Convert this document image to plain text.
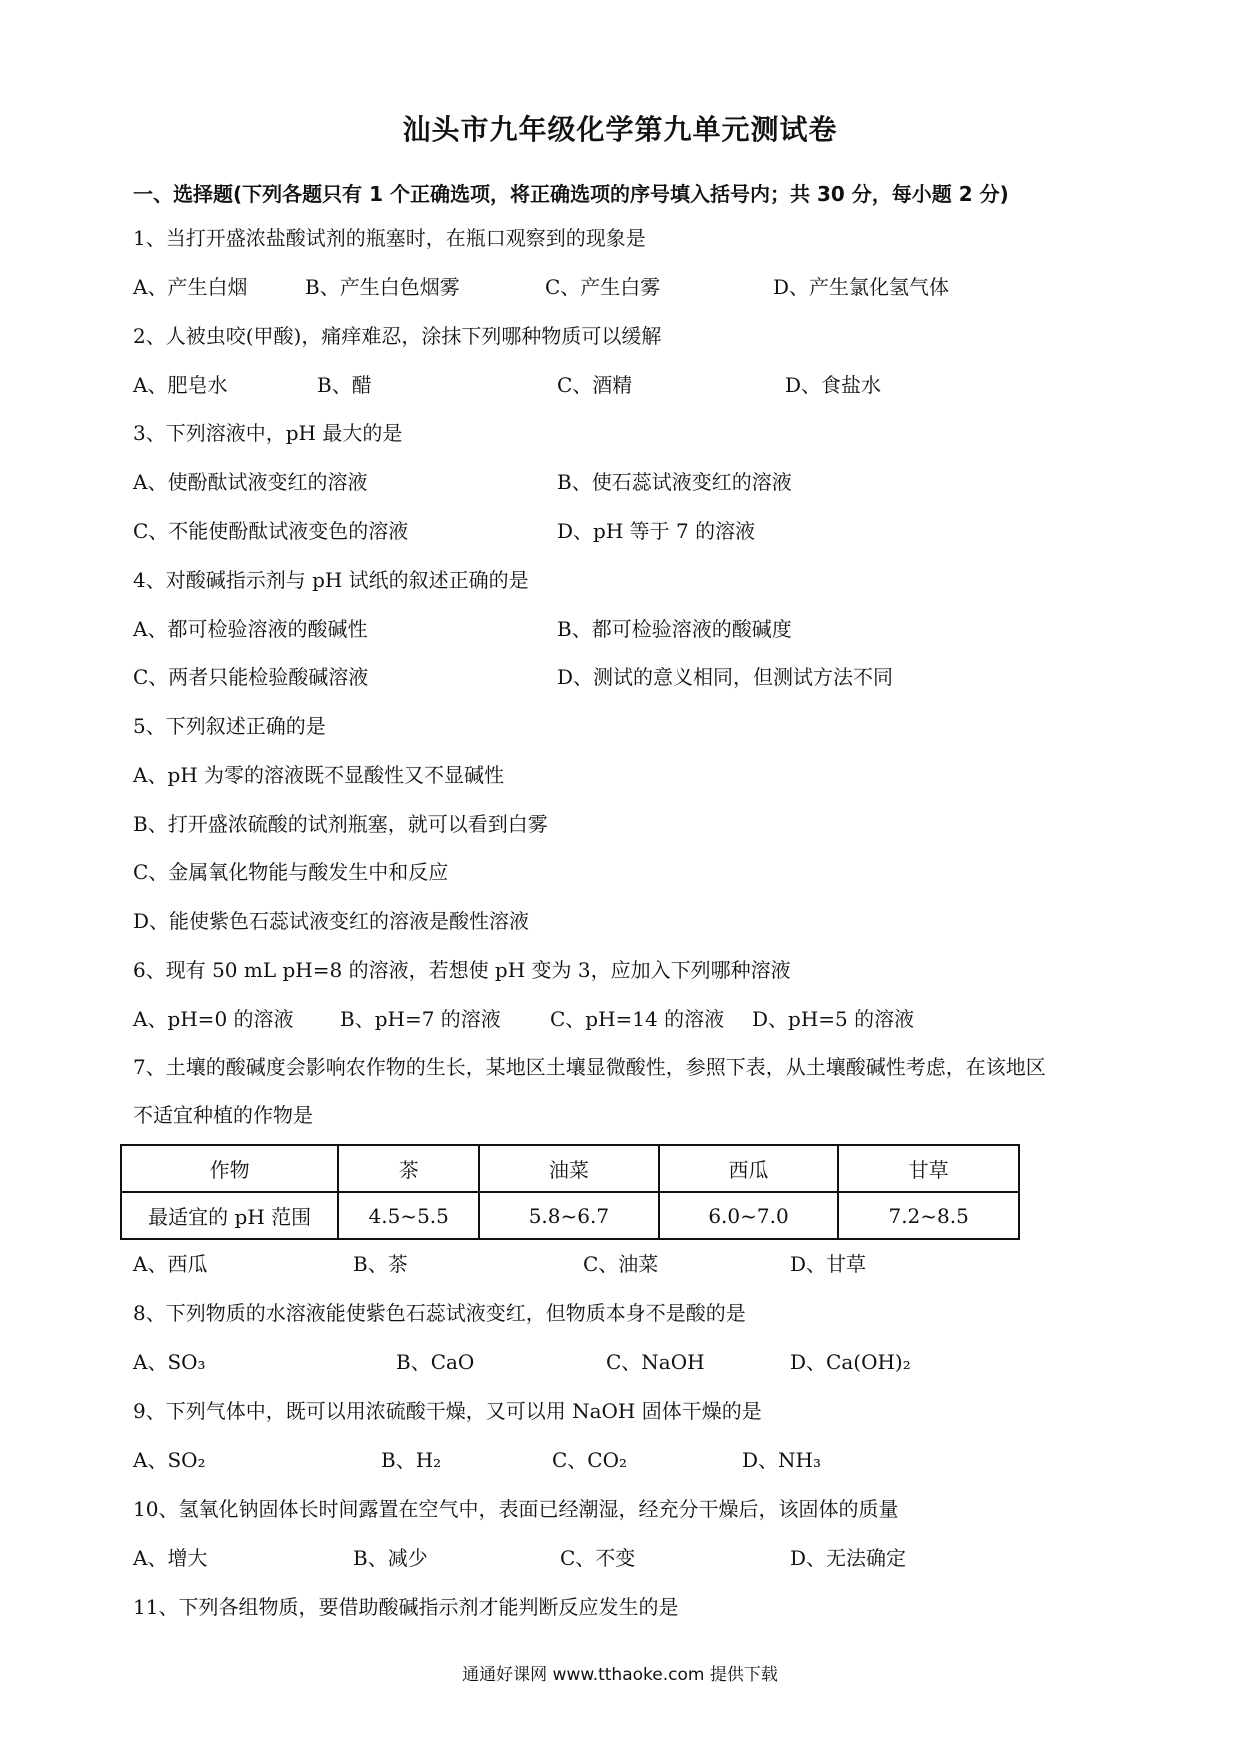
汕头市九年级化学第九单元测试卷
一、选择题(下列各题只有 1 个正确选项，将正确选项的序号填入括号内；共 30 分，每小题 2 分)
1、当打开盛浓盐酸试剂的瓶塞时，在瓶口观察到的现象是
A、产生白烟	B、产生白色烟雾	C、产生白雾	D、产生氯化氢气体
2、人被虫咬(甲酸)，痛痒难忍，涂抹下列哪种物质可以缓解
A、肥皂水	B、醋	C、酒精	D、食盐水
3、下列溶液中，pH 最大的是
A、使酚酞试液变红的溶液	B、使石蕊试液变红的溶液
C、不能使酚酞试液变色的溶液	D、pH 等于 7 的溶液
4、对酸碱指示剂与 pH 试纸的叙述正确的是
A、都可检验溶液的酸碱性	B、都可检验溶液的酸碱度
C、两者只能检验酸碱溶液	D、测试的意义相同，但测试方法不同
5、下列叙述正确的是
A、pH 为零的溶液既不显酸性又不显碱性
B、打开盛浓硫酸的试剂瓶塞，就可以看到白雾
C、金属氧化物能与酸发生中和反应
D、能使紫色石蕊试液变红的溶液是酸性溶液
6、现有 50 mL pH=8 的溶液，若想使 pH 变为 3，应加入下列哪种溶液
A、pH=0 的溶液 B、pH=7 的溶液 C、pH=14 的溶液 D、pH=5 的溶液
7、土壤的酸碱度会影响农作物的生长，某地区土壤显微酸性，参照下表，从土壤酸碱性考虑，在该地区
不适宜种植的作物是
作物	茶	油菜	西瓜	甘草
最适宜的 pH 范围	4.5~5.5	5.8~6.7	6.0~7.0	7.2~8.5
A、西瓜	B、茶	C、油菜	D、甘草
8、下列物质的水溶液能使紫色石蕊试液变红，但物质本身不是酸的是
A、SO₃	B、CaO	C、NaOH	D、Ca(OH)₂
9、下列气体中，既可以用浓硫酸干燥，又可以用 NaOH 固体干燥的是
A、SO₂	B、H₂	C、CO₂	D、NH₃
10、氢氧化钠固体长时间露置在空气中，表面已经潮湿，经充分干燥后，该固体的质量
A、增大	B、减少	C、不变	D、无法确定
11、下列各组物质，要借助酸碱指示剂才能判断反应发生的是
通通好课网 www.tthaoke.com 提供下载
